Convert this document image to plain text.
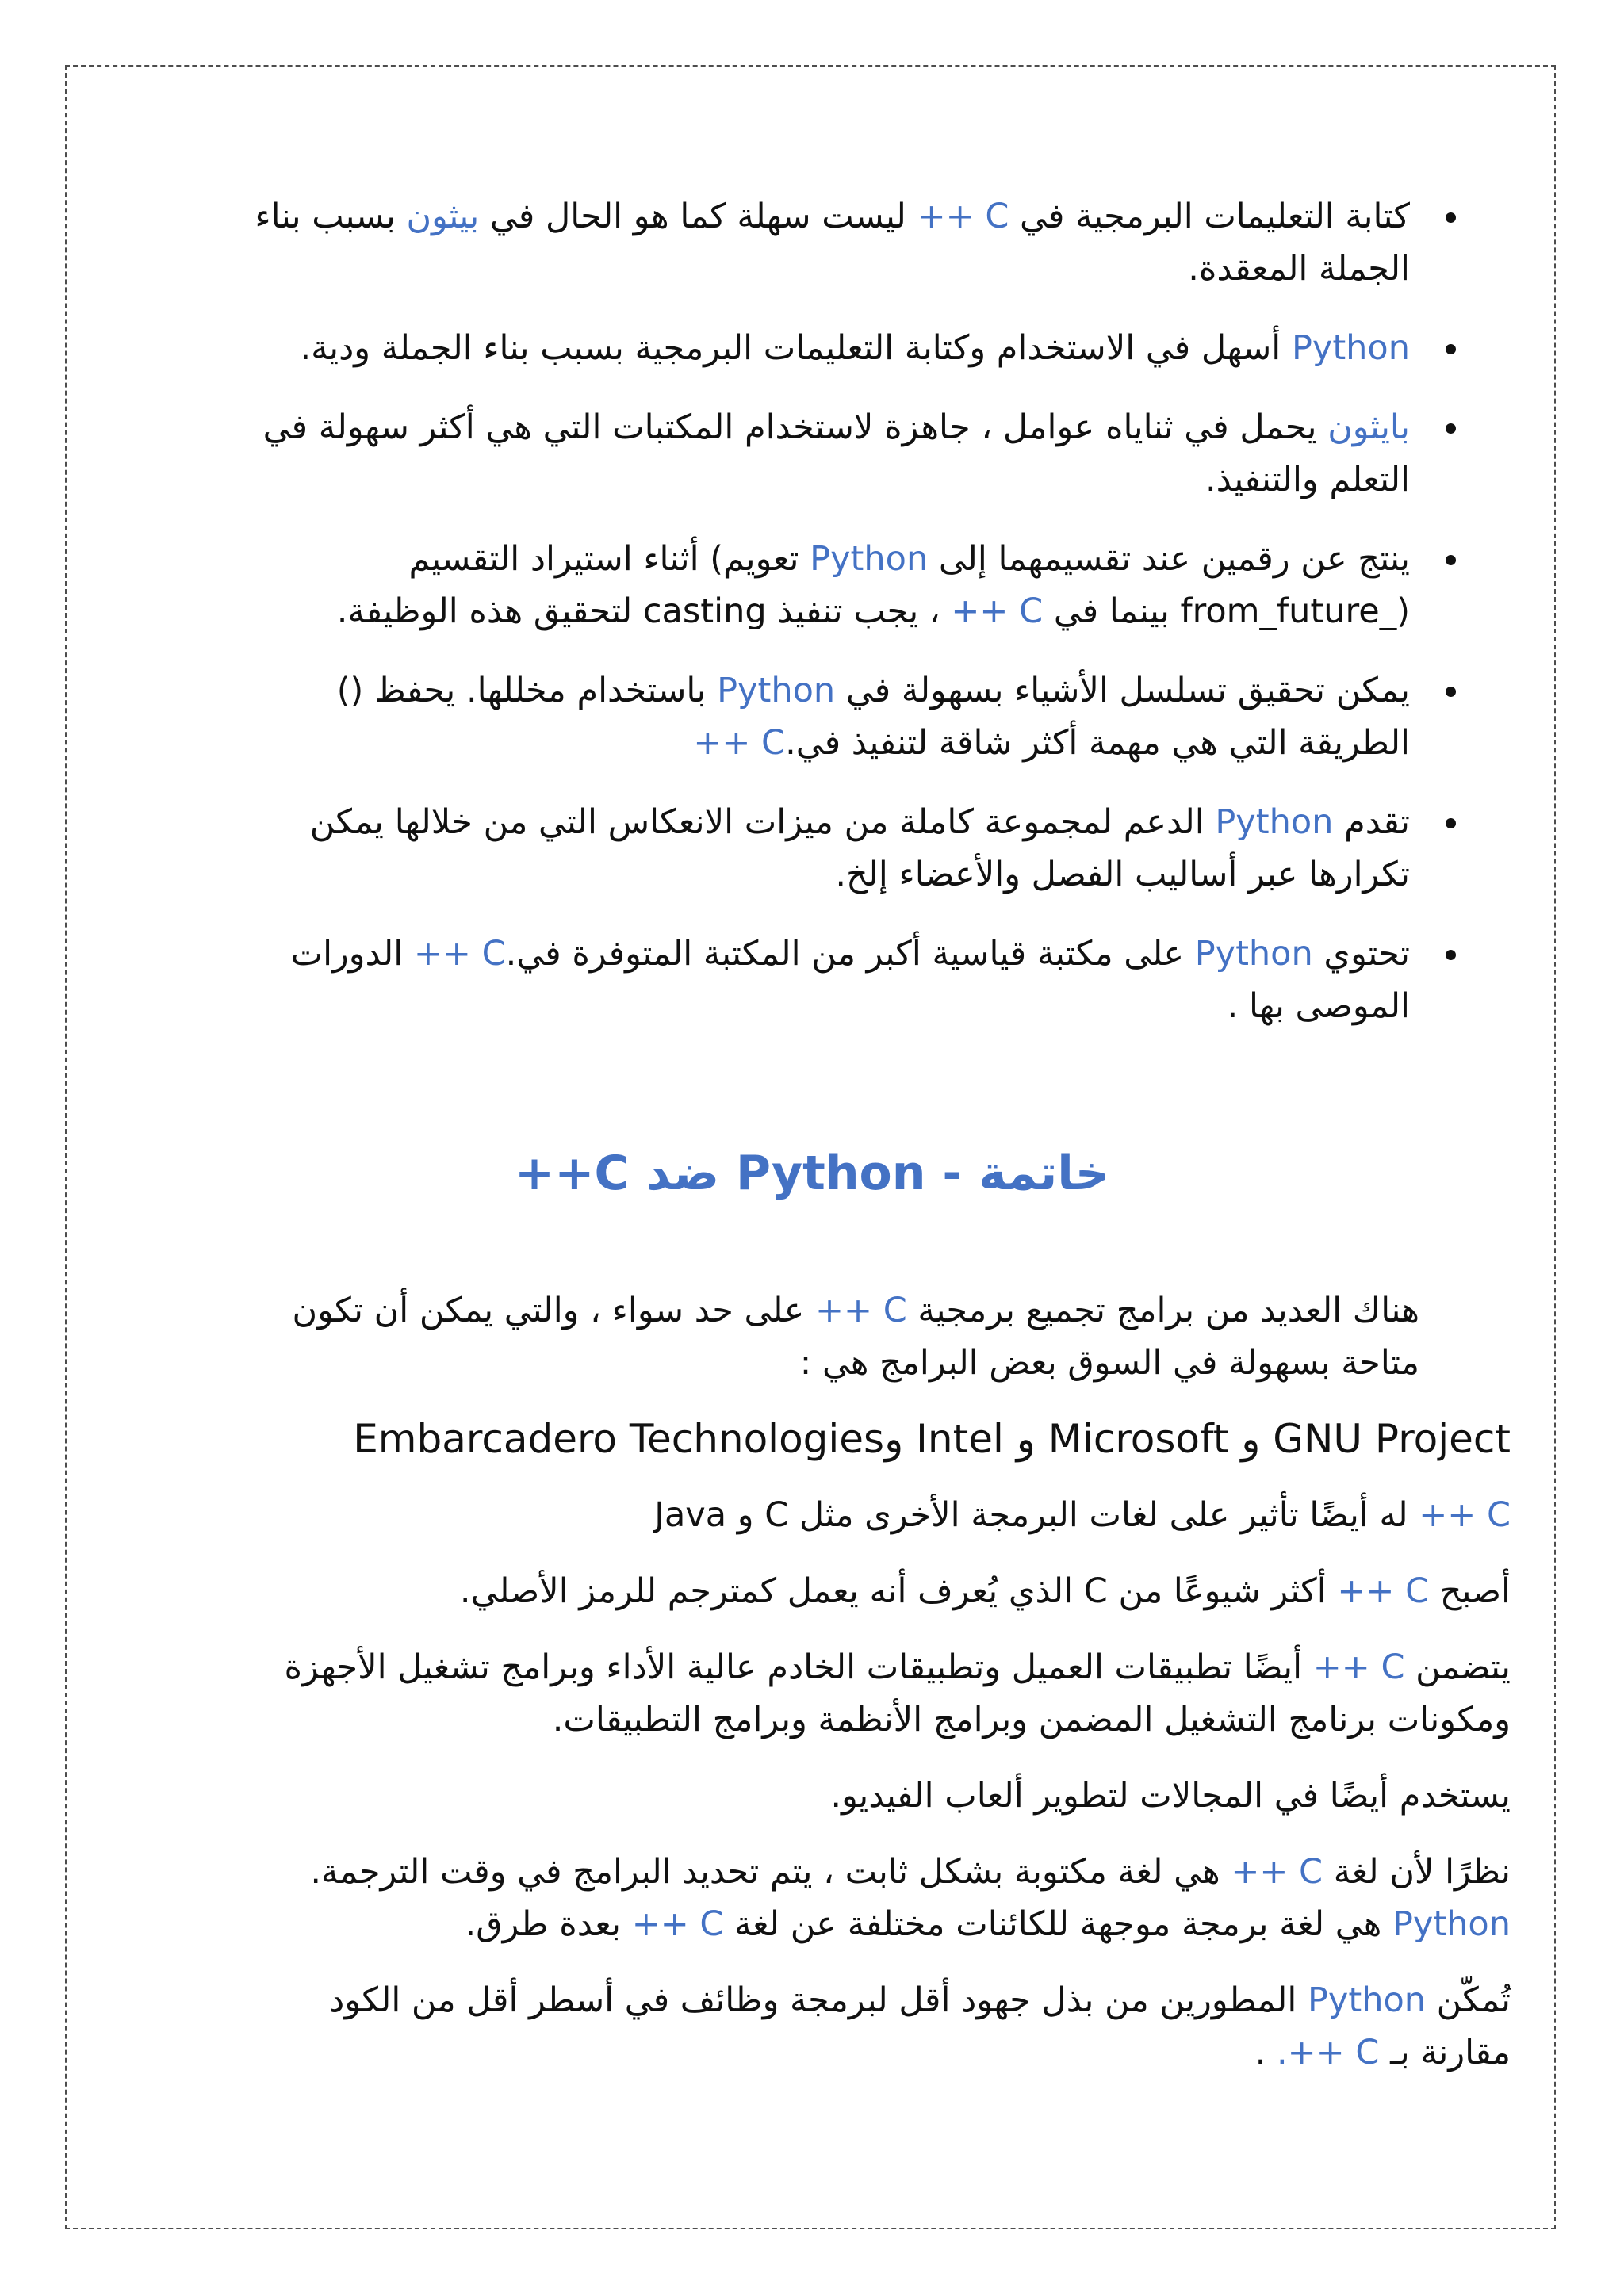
كتابة التعليمات البرمجية في C ++ ليست سهلة كما هو الحال في بيثون بسبب بناء الجملة المعقدة.
Python أسهل في الاستخدام وكتابة التعليمات البرمجية بسبب بناء الجملة ودية.
بايثون يحمل في ثناياه عوامل ، جاهزة لاستخدام المكتبات التي هي أكثر سهولة في التعلم والتنفيذ.
ينتج عن رقمين عند تقسيمهما إلى Python تعويم) أثناء استيراد التقسيم (_from_future بينما في C ++ ، يجب تنفيذ casting لتحقيق هذه الوظيفة.
يمكن تحقيق تسلسل الأشياء بسهولة في Python باستخدام مخللها. يحفظ () الطريقة التي هي مهمة أكثر شاقة لتنفيذ في.C ++
تقدم Python الدعم لمجموعة كاملة من ميزات الانعكاس التي من خلالها يمكن تكرارها عبر أساليب الفصل والأعضاء إلخ.
تحتوي Python على مكتبة قياسية أكبر من المكتبة المتوفرة في.C ++ الدورات الموصى بها .
خاتمة - Python ضد C++

هناك العديد من برامج تجميع برمجية C ++ على حد سواء ، والتي يمكن أن تكون متاحة بسهولة في السوق بعض البرامج هي :

GNU Project و Microsoft و Intel وEmbarcadero Technologies

C ++ له أيضًا تأثير على لغات البرمجة الأخرى مثل C و Java

أصبح C ++ أكثر شيوعًا من C الذي يُعرف أنه يعمل كمترجم للرمز الأصلي.

يتضمن C ++ أيضًا تطبيقات العميل وتطبيقات الخادم عالية الأداء وبرامج تشغيل الأجهزة ومكونات برنامج التشغيل المضمن وبرامج الأنظمة وبرامج التطبيقات.

يستخدم أيضًا في المجالات لتطوير ألعاب الفيديو.

نظرًا لأن لغة C ++ هي لغة مكتوبة بشكل ثابت ، يتم تحديد البرامج في وقت الترجمة. Python هي لغة برمجة موجهة للكائنات مختلفة عن لغة C ++ بعدة طرق.

تُمكّن Python المطورين من بذل جهود أقل لبرمجة وظائف في أسطر أقل من الكود مقارنة بـ C ++. .
